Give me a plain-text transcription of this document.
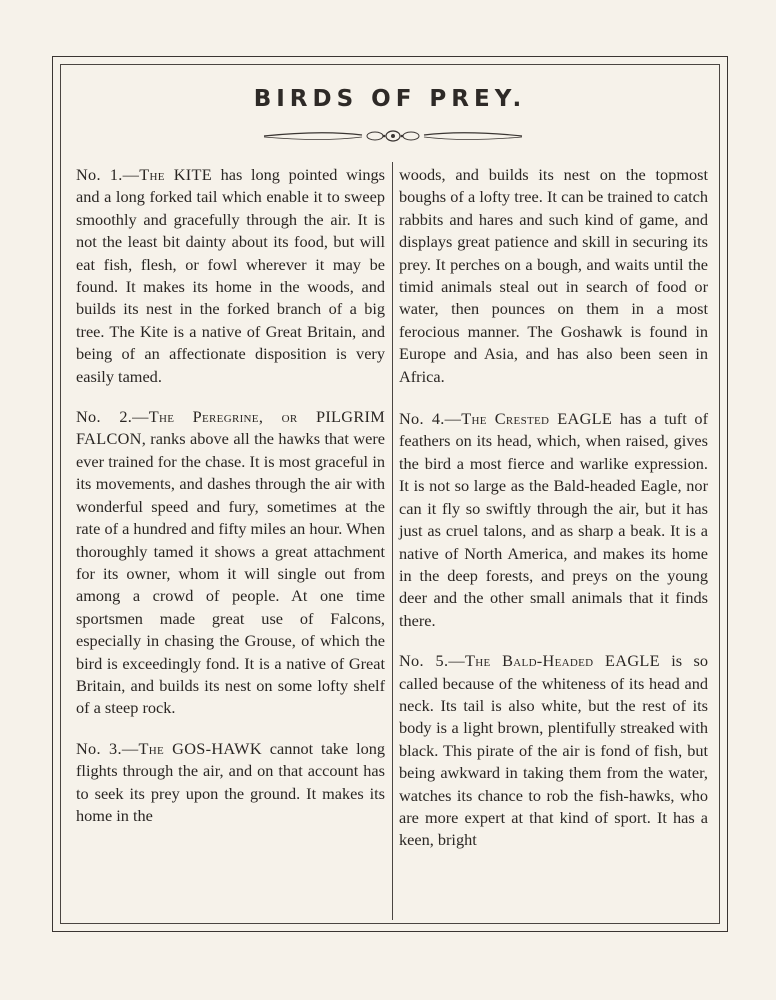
BIRDS OF PREY.

No. 1.—The KITE has long pointed wings and a long forked tail which enable it to sweep smoothly and gracefully through the air. It is not the least bit dainty about its food, but will eat fish, flesh, or fowl wherever it may be found. It makes its home in the woods, and builds its nest in the forked branch of a big tree. The Kite is a native of Great Britain, and being of an affectionate disposition is very easily tamed.

No. 2.—The Peregrine, or PILGRIM FALCON, ranks above all the hawks that were ever trained for the chase. It is most graceful in its movements, and dashes through the air with wonderful speed and fury, sometimes at the rate of a hundred and fifty miles an hour. When thoroughly tamed it shows a great attachment for its owner, whom it will single out from among a crowd of people. At one time sportsmen made great use of Falcons, especially in chasing the Grouse, of which the bird is exceedingly fond. It is a native of Great Britain, and builds its nest on some lofty shelf of a steep rock.

No. 3.—The GOS-HAWK cannot take long flights through the air, and on that account has to seek its prey upon the ground. It makes its home in the

woods, and builds its nest on the topmost boughs of a lofty tree. It can be trained to catch rabbits and hares and such kind of game, and displays great patience and skill in securing its prey. It perches on a bough, and waits until the timid animals steal out in search of food or water, then pounces on them in a most ferocious manner. The Goshawk is found in Europe and Asia, and has also been seen in Africa.

No. 4.—The Crested EAGLE has a tuft of feathers on its head, which, when raised, gives the bird a most fierce and warlike expression. It is not so large as the Bald-headed Eagle, nor can it fly so swiftly through the air, but it has just as cruel talons, and as sharp a beak. It is a native of North America, and makes its home in the deep forests, and preys on the young deer and the other small animals that it finds there.

No. 5.—The Bald-Headed EAGLE is so called because of the whiteness of its head and neck. Its tail is also white, but the rest of its body is a light brown, plentifully streaked with black. This pirate of the air is fond of fish, but being awkward in taking them from the water, watches its chance to rob the fish-hawks, who are more expert at that kind of sport. It has a keen, bright
